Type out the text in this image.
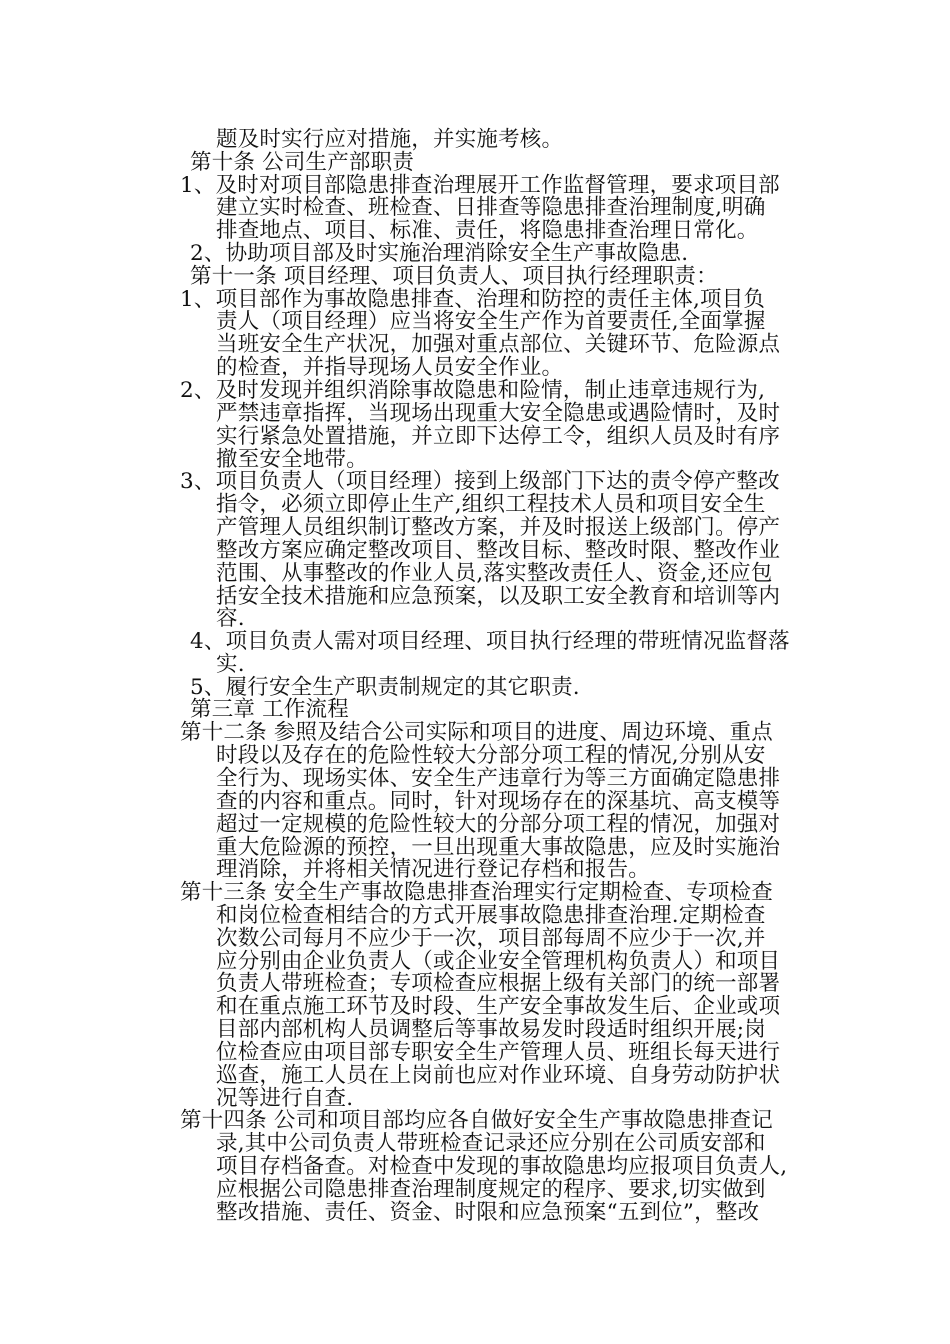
题及时实行应对措施，并实施考核。
第十条 公司生产部职责
1、及时对项目部隐患排查治理展开工作监督管理，要求项目部
建立实时检查、班检查、日排查等隐患排查治理制度,明确
排查地点、项目、标准、责任，将隐患排查治理日常化。
2、协助项目部及时实施治理消除安全生产事故隐患.
第十一条 项目经理、项目负责人、项目执行经理职责：
1、项目部作为事故隐患排查、治理和防控的责任主体,项目负
责人（项目经理）应当将安全生产作为首要责任,全面掌握
当班安全生产状况，加强对重点部位、关键环节、危险源点
的检查，并指导现场人员安全作业。
2、及时发现并组织消除事故隐患和险情，制止违章违规行为,
严禁违章指挥，当现场出现重大安全隐患或遇险情时，及时
实行紧急处置措施，并立即下达停工令，组织人员及时有序
撤至安全地带。
3、项目负责人（项目经理）接到上级部门下达的责令停产整改
指令，必须立即停止生产,组织工程技术人员和项目安全生
产管理人员组织制订整改方案，并及时报送上级部门。停产
整改方案应确定整改项目、整改目标、整改时限、整改作业
范围、从事整改的作业人员,落实整改责任人、资金,还应包
括安全技术措施和应急预案，以及职工安全教育和培训等内
容.
4、项目负责人需对项目经理、项目执行经理的带班情况监督落
实.
5、履行安全生产职责制规定的其它职责.
第三章 工作流程
第十二条 参照及结合公司实际和项目的进度、周边环境、重点
时段以及存在的危险性较大分部分项工程的情况,分别从安
全行为、现场实体、安全生产违章行为等三方面确定隐患排
查的内容和重点。同时，针对现场存在的深基坑、高支模等
超过一定规模的危险性较大的分部分项工程的情况，加强对
重大危险源的预控，一旦出现重大事故隐患，应及时实施治
理消除，并将相关情况进行登记存档和报告。
第十三条 安全生产事故隐患排查治理实行定期检查、专项检查
和岗位检查相结合的方式开展事故隐患排查治理.定期检查
次数公司每月不应少于一次，项目部每周不应少于一次,并
应分别由企业负责人（或企业安全管理机构负责人）和项目
负责人带班检查；专项检查应根据上级有关部门的统一部署
和在重点施工环节及时段、生产安全事故发生后、企业或项
目部内部机构人员调整后等事故易发时段适时组织开展;岗
位检查应由项目部专职安全生产管理人员、班组长每天进行
巡查，施工人员在上岗前也应对作业环境、自身劳动防护状
况等进行自查.
第十四条 公司和项目部均应各自做好安全生产事故隐患排查记
录,其中公司负责人带班检查记录还应分别在公司质安部和
项目存档备查。对检查中发现的事故隐患均应报项目负责人,
应根据公司隐患排查治理制度规定的程序、要求,切实做到
整改措施、责任、资金、时限和应急预案“五到位”，整改
